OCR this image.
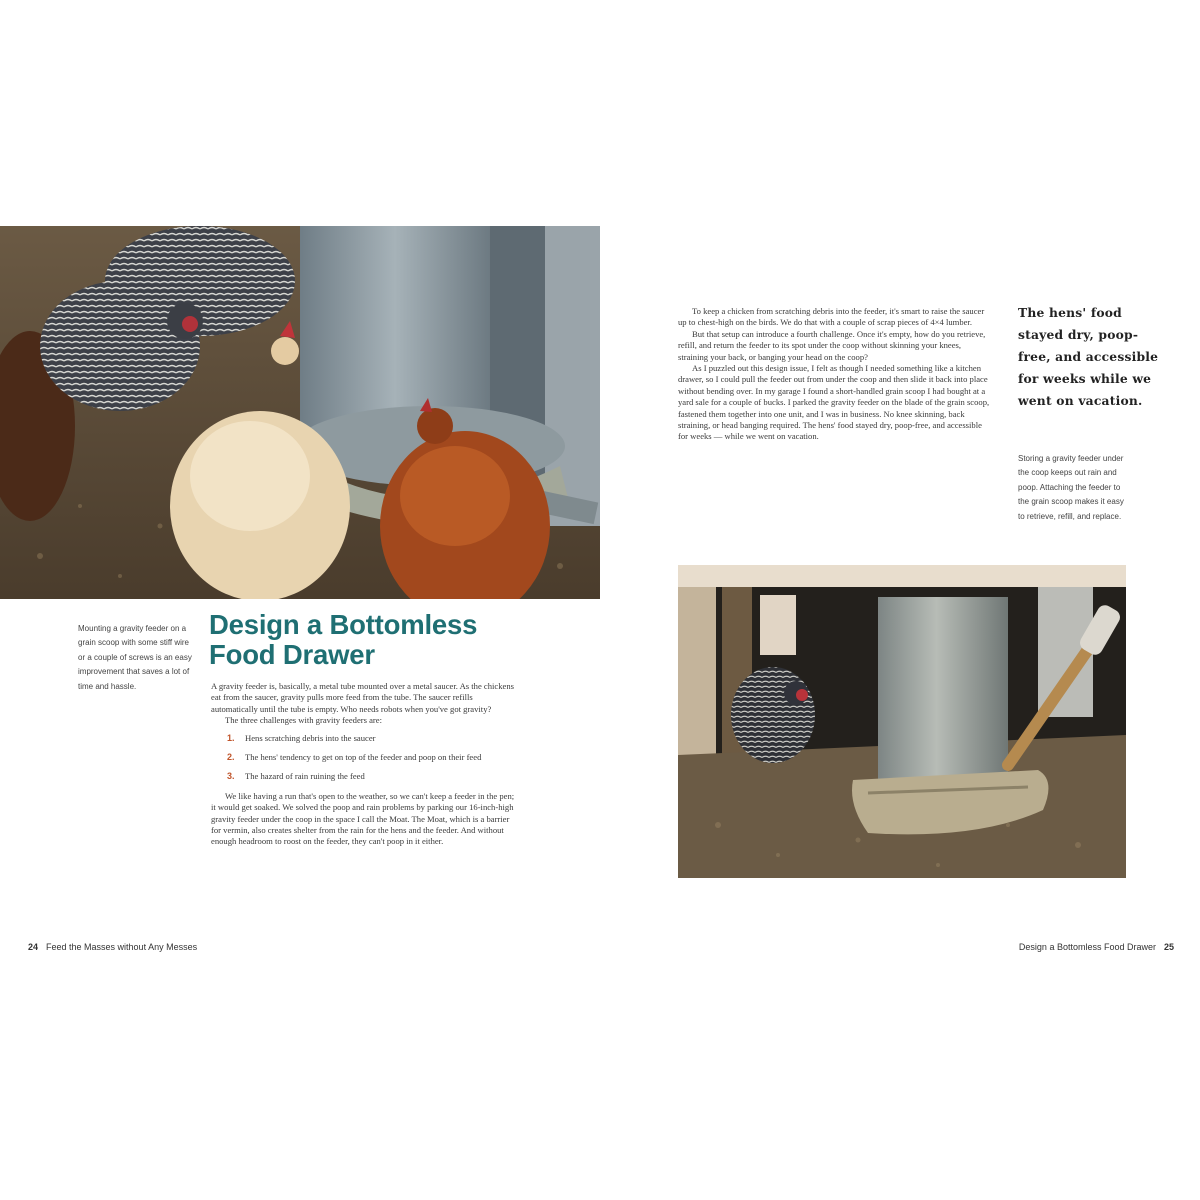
Mounting a gravity feeder on a grain scoop with some stiff wire or a couple of screws is an easy improvement that saves a lot of time and hassle.
Design a Bottomless Food Drawer

A gravity feeder is, basically, a metal tube mounted over a metal saucer. As the chickens eat from the saucer, gravity pulls more feed from the tube. The saucer refills automatically until the tube is empty. Who needs robots when you've got gravity?

The three challenges with gravity feeders are:

1. Hens scratching debris into the saucer
2. The hens' tendency to get on top of the feeder and poop on their feed
3. The hazard of rain ruining the feed

We like having a run that's open to the weather, so we can't keep a feeder in the pen; it would get soaked. We solved the poop and rain problems by parking our 16-inch-high gravity feeder under the coop in the space I call the Moat. The Moat, which is a barrier for vermin, also creates shelter from the rain for the hens and the feeder. And without enough headroom to roost on the feeder, they can't poop in it either.

To keep a chicken from scratching debris into the feeder, it's smart to raise the saucer up to chest-high on the birds. We do that with a couple of scrap pieces of 4×4 lumber.

But that setup can introduce a fourth challenge. Once it's empty, how do you retrieve, refill, and return the feeder to its spot under the coop without skinning your knees, straining your back, or banging your head on the coop?

As I puzzled out this design issue, I felt as though I needed something like a kitchen drawer, so I could pull the feeder out from under the coop and then slide it back into place without bending over. In my garage I found a short-handled grain scoop I had bought at a yard sale for a couple of bucks. I parked the gravity feeder on the blade of the grain scoop, fastened them together into one unit, and I was in business. No knee skinning, back straining, or head banging required. The hens' food stayed dry, poop-free, and accessible for weeks — while we went on vacation.

The hens' food stayed dry, poop-free, and accessible for weeks while we went on vacation.
Storing a gravity feeder under the coop keeps out rain and poop. Attaching the feeder to the grain scoop makes it easy to retrieve, refill, and replace.
24 Feed the Masses without Any Messes	Design a Bottomless Food Drawer 25
